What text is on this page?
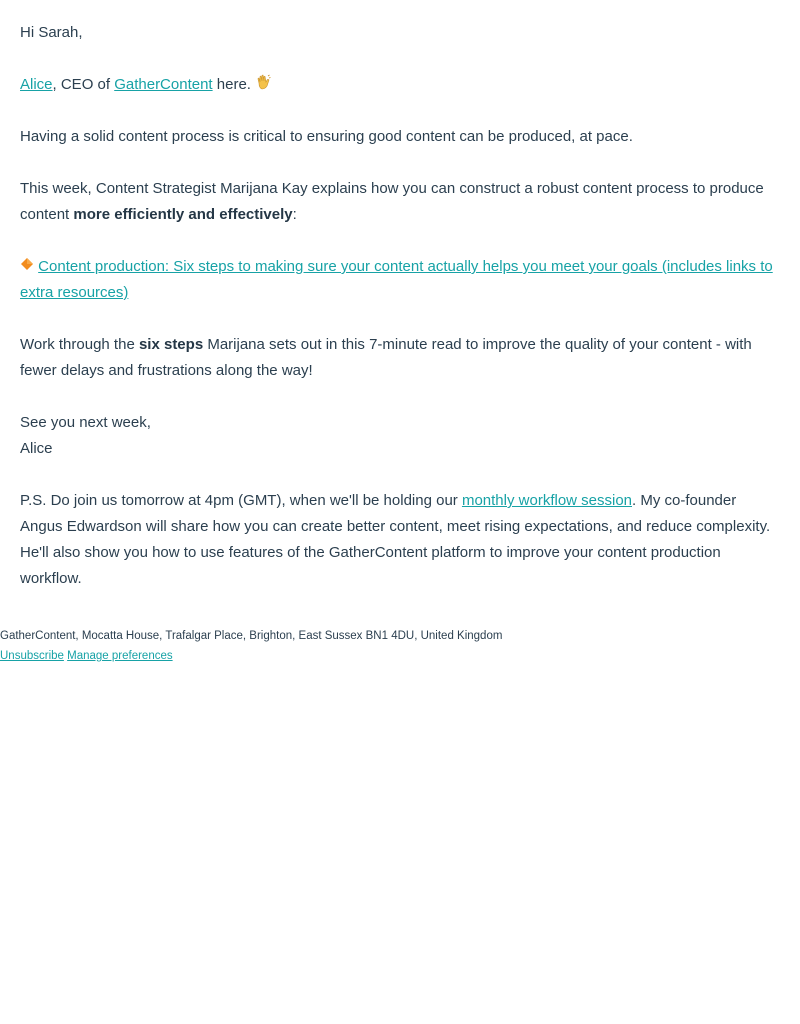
Hi Sarah,

Alice, CEO of GatherContent here.

Having a solid content process is critical to ensuring good content can be produced, at pace.

This week, Content Strategist Marijana Kay explains how you can construct a robust content process to produce content more efficiently and effectively:

Content production: Six steps to making sure your content actually helps you meet your goals (includes links to extra resources)

Work through the six steps Marijana sets out in this 7-minute read to improve the quality of your content - with fewer delays and frustrations along the way!

See you next week,
Alice

P.S. Do join us tomorrow at 4pm (GMT), when we'll be holding our monthly workflow session. My co-founder Angus Edwardson will share how you can create better content, meet rising expectations, and reduce complexity. He'll also show you how to use features of the GatherContent platform to improve your content production workflow.

GatherContent, Mocatta House, Trafalgar Place, Brighton, East Sussex BN1 4DU, United Kingdom
Unsubscribe Manage preferences
